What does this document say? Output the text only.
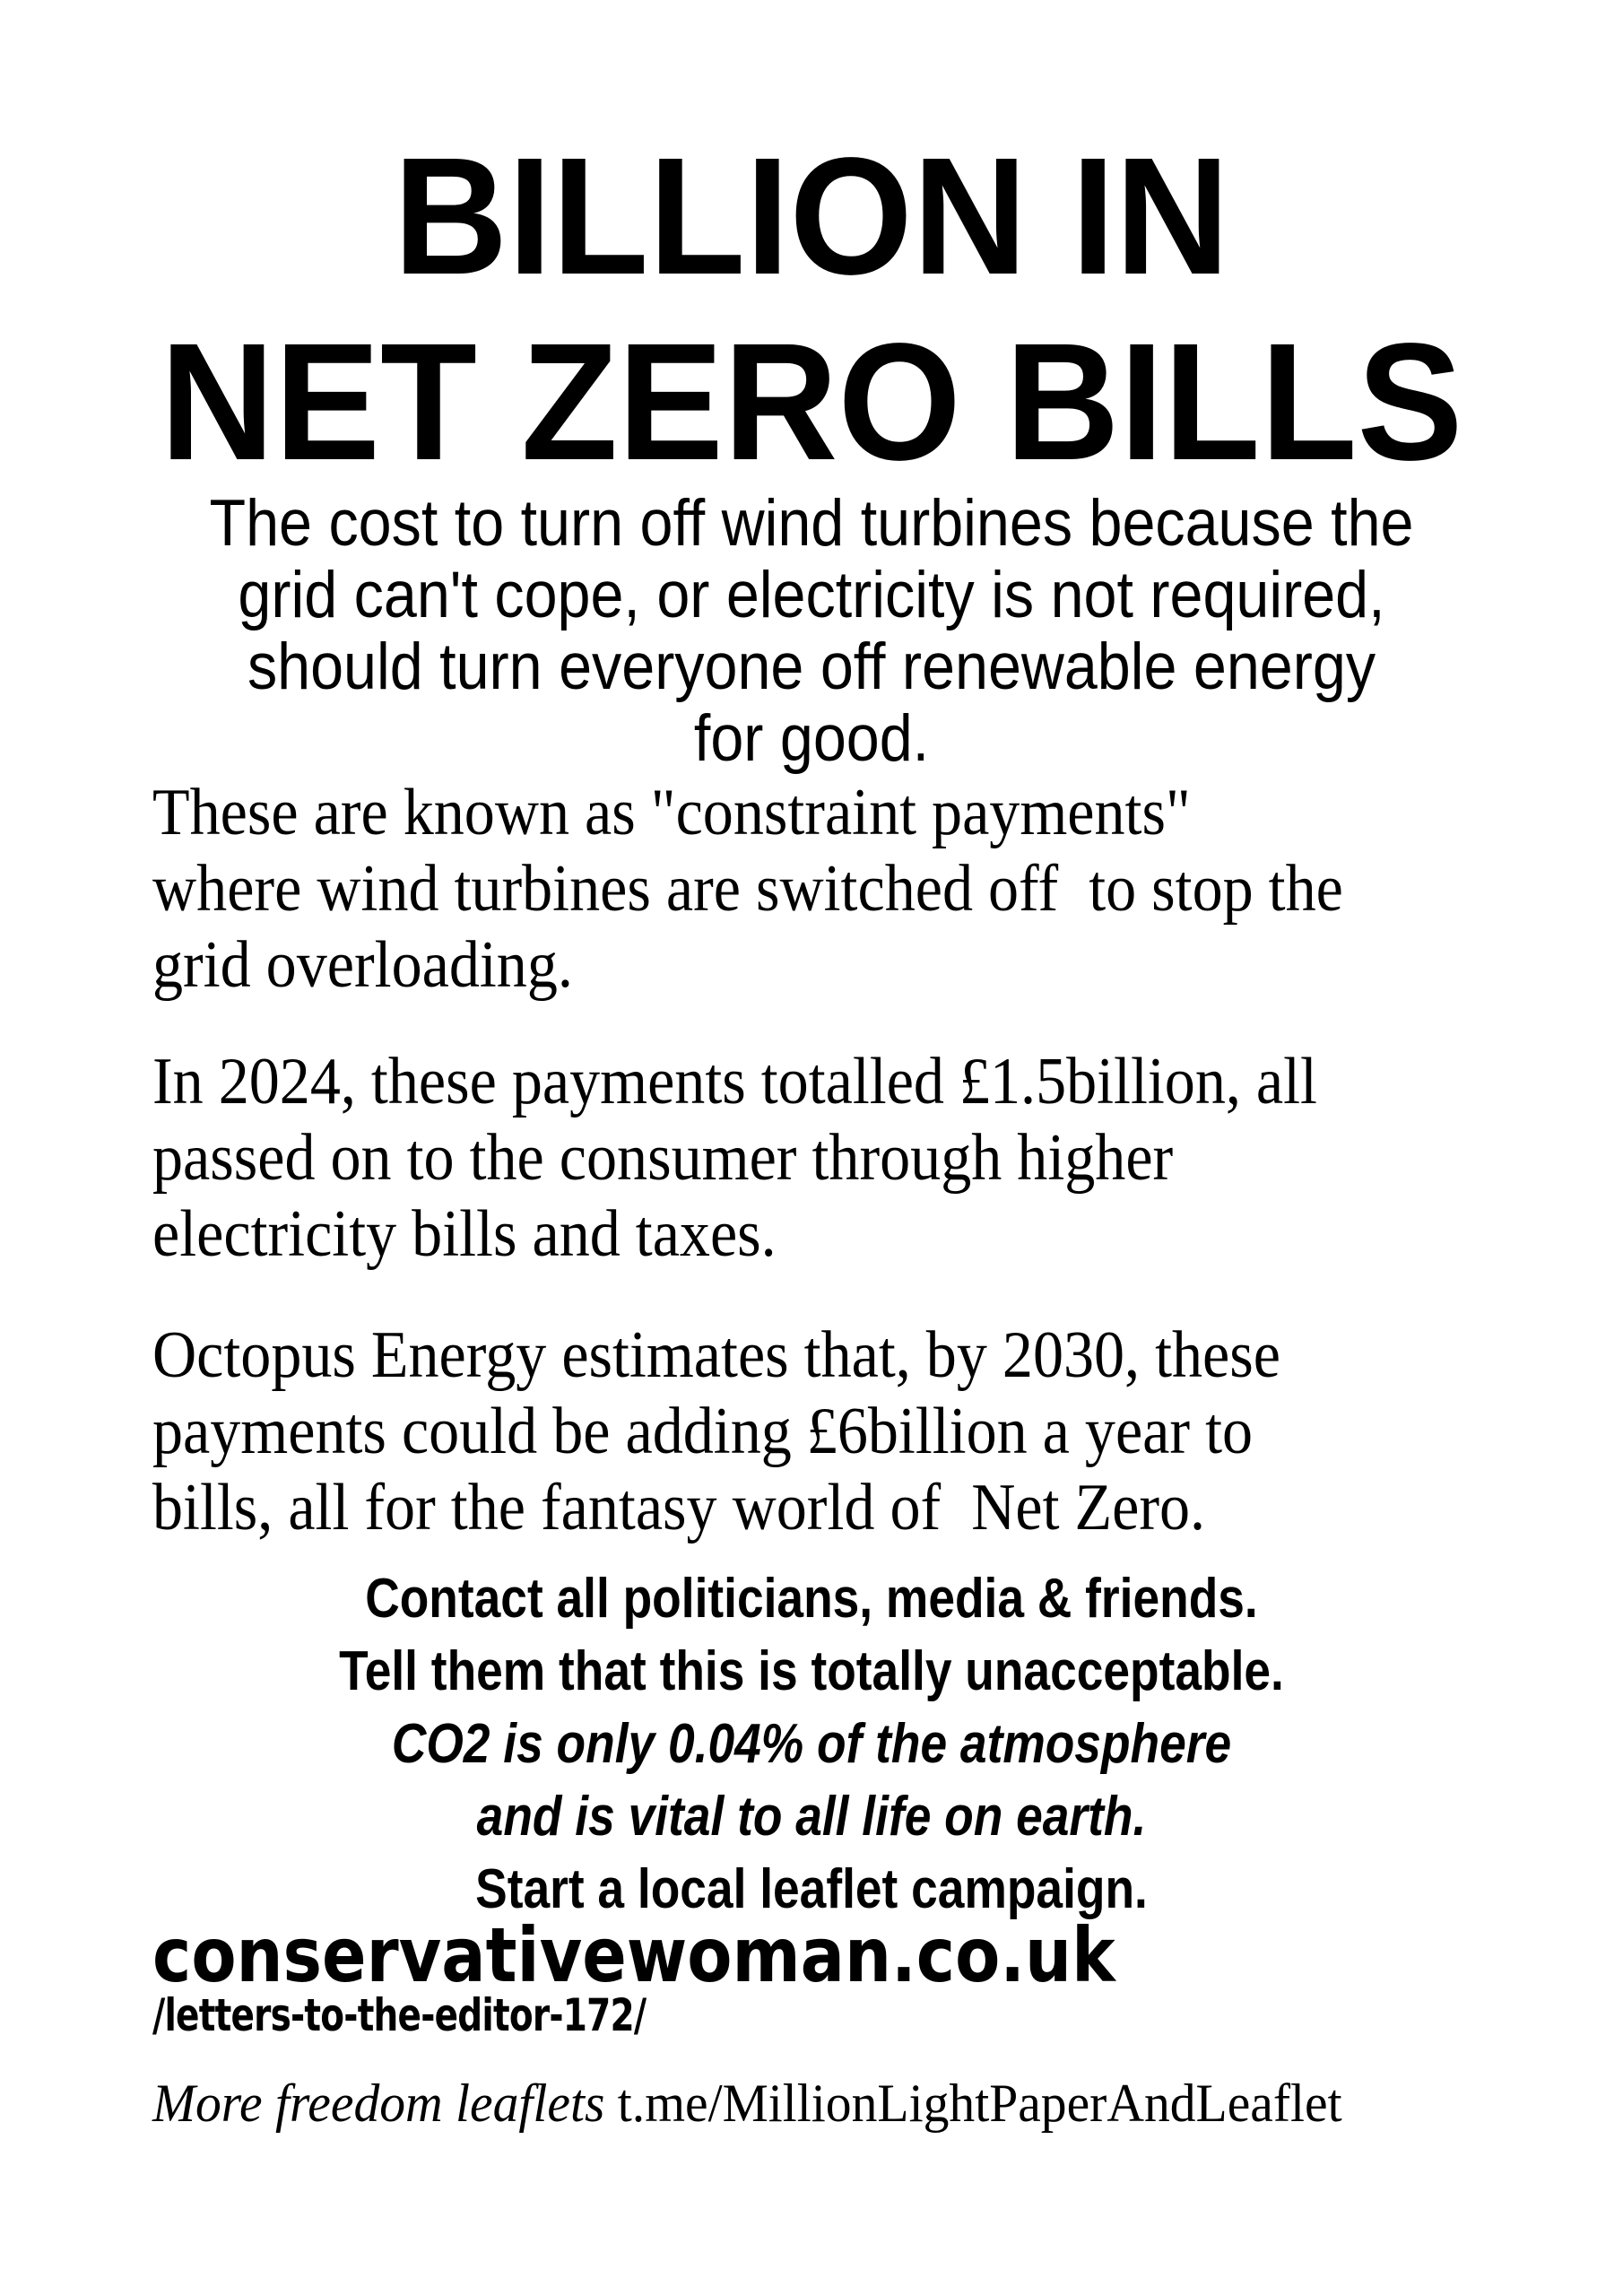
BILLION IN
NET ZERO BILLS
The cost to turn off wind turbines because the
grid can't cope, or electricity is not required,
should turn everyone off renewable energy
for good.
These are known as "constraint payments"
where wind turbines are switched off  to stop the
grid overloading.
In 2024, these payments totalled £1.5billion, all
passed on to the consumer through higher
electricity bills and taxes.
Octopus Energy estimates that, by 2030, these
payments could be adding £6billion a year to
bills, all for the fantasy world of  Net Zero.
Contact all politicians, media & friends.
Tell them that this is totally unacceptable.
CO2 is only 0.04% of the atmosphere
and is vital to all life on earth.
Start a local leaflet campaign.
conservativewoman.co.uk
/letters-to-the-editor-172/
More freedom leaflets t.me/MillionLightPaperAndLeaflet
